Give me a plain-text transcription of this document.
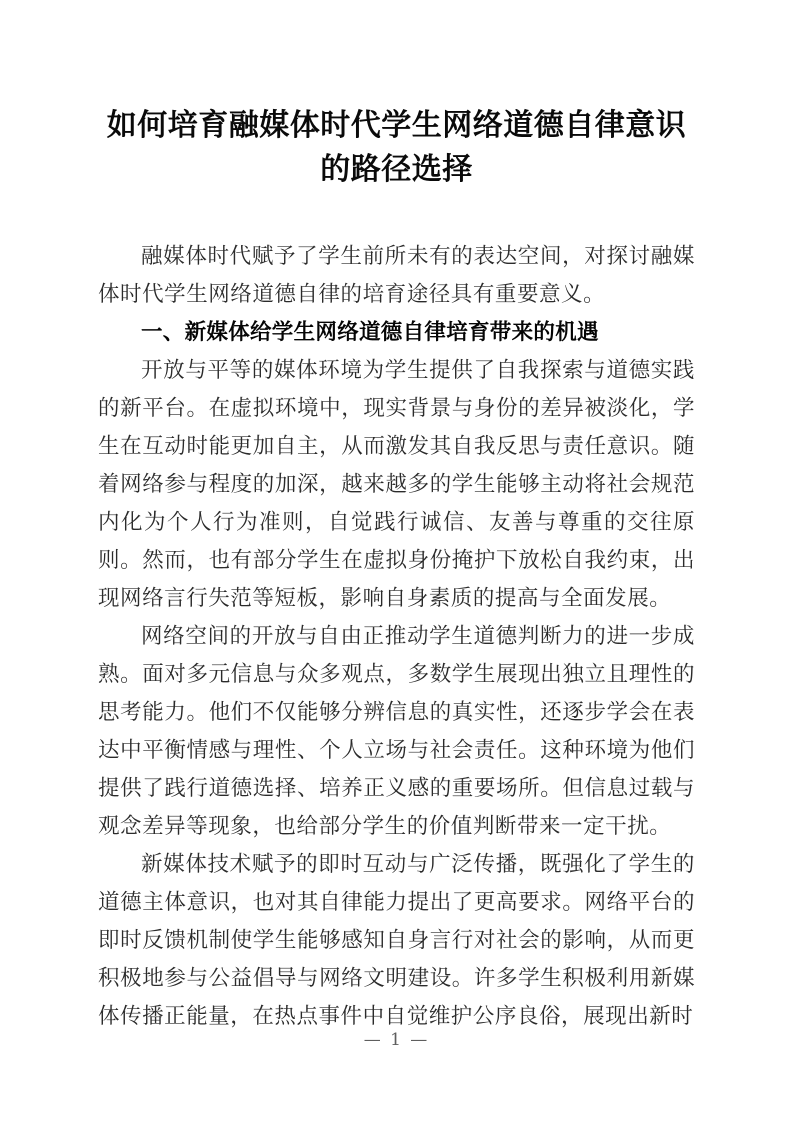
如何培育融媒体时代学生网络道德自律意识的路径选择

融媒体时代赋予了学生前所未有的表达空间，对探讨融媒体时代学生网络道德自律的培育途径具有重要意义。

一、新媒体给学生网络道德自律培育带来的机遇

开放与平等的媒体环境为学生提供了自我探索与道德实践的新平台。在虚拟环境中，现实背景与身份的差异被淡化，学生在互动时能更加自主，从而激发其自我反思与责任意识。随着网络参与程度的加深，越来越多的学生能够主动将社会规范内化为个人行为准则，自觉践行诚信、友善与尊重的交往原则。然而，也有部分学生在虚拟身份掩护下放松自我约束，出现网络言行失范等短板，影响自身素质的提高与全面发展。

网络空间的开放与自由正推动学生道德判断力的进一步成熟。面对多元信息与众多观点，多数学生展现出独立且理性的思考能力。他们不仅能够分辨信息的真实性，还逐步学会在表达中平衡情感与理性、个人立场与社会责任。这种环境为他们提供了践行道德选择、培养正义感的重要场所。但信息过载与观念差异等现象，也给部分学生的价值判断带来一定干扰。

新媒体技术赋予的即时互动与广泛传播，既强化了学生的道德主体意识，也对其自律能力提出了更高要求。网络平台的即时反馈机制使学生能够感知自身言行对社会的影响，从而更积极地参与公益倡导与网络文明建设。许多学生积极利用新媒体传播正能量，在热点事件中自觉维护公序良俗，展现出新时

— 1 —
